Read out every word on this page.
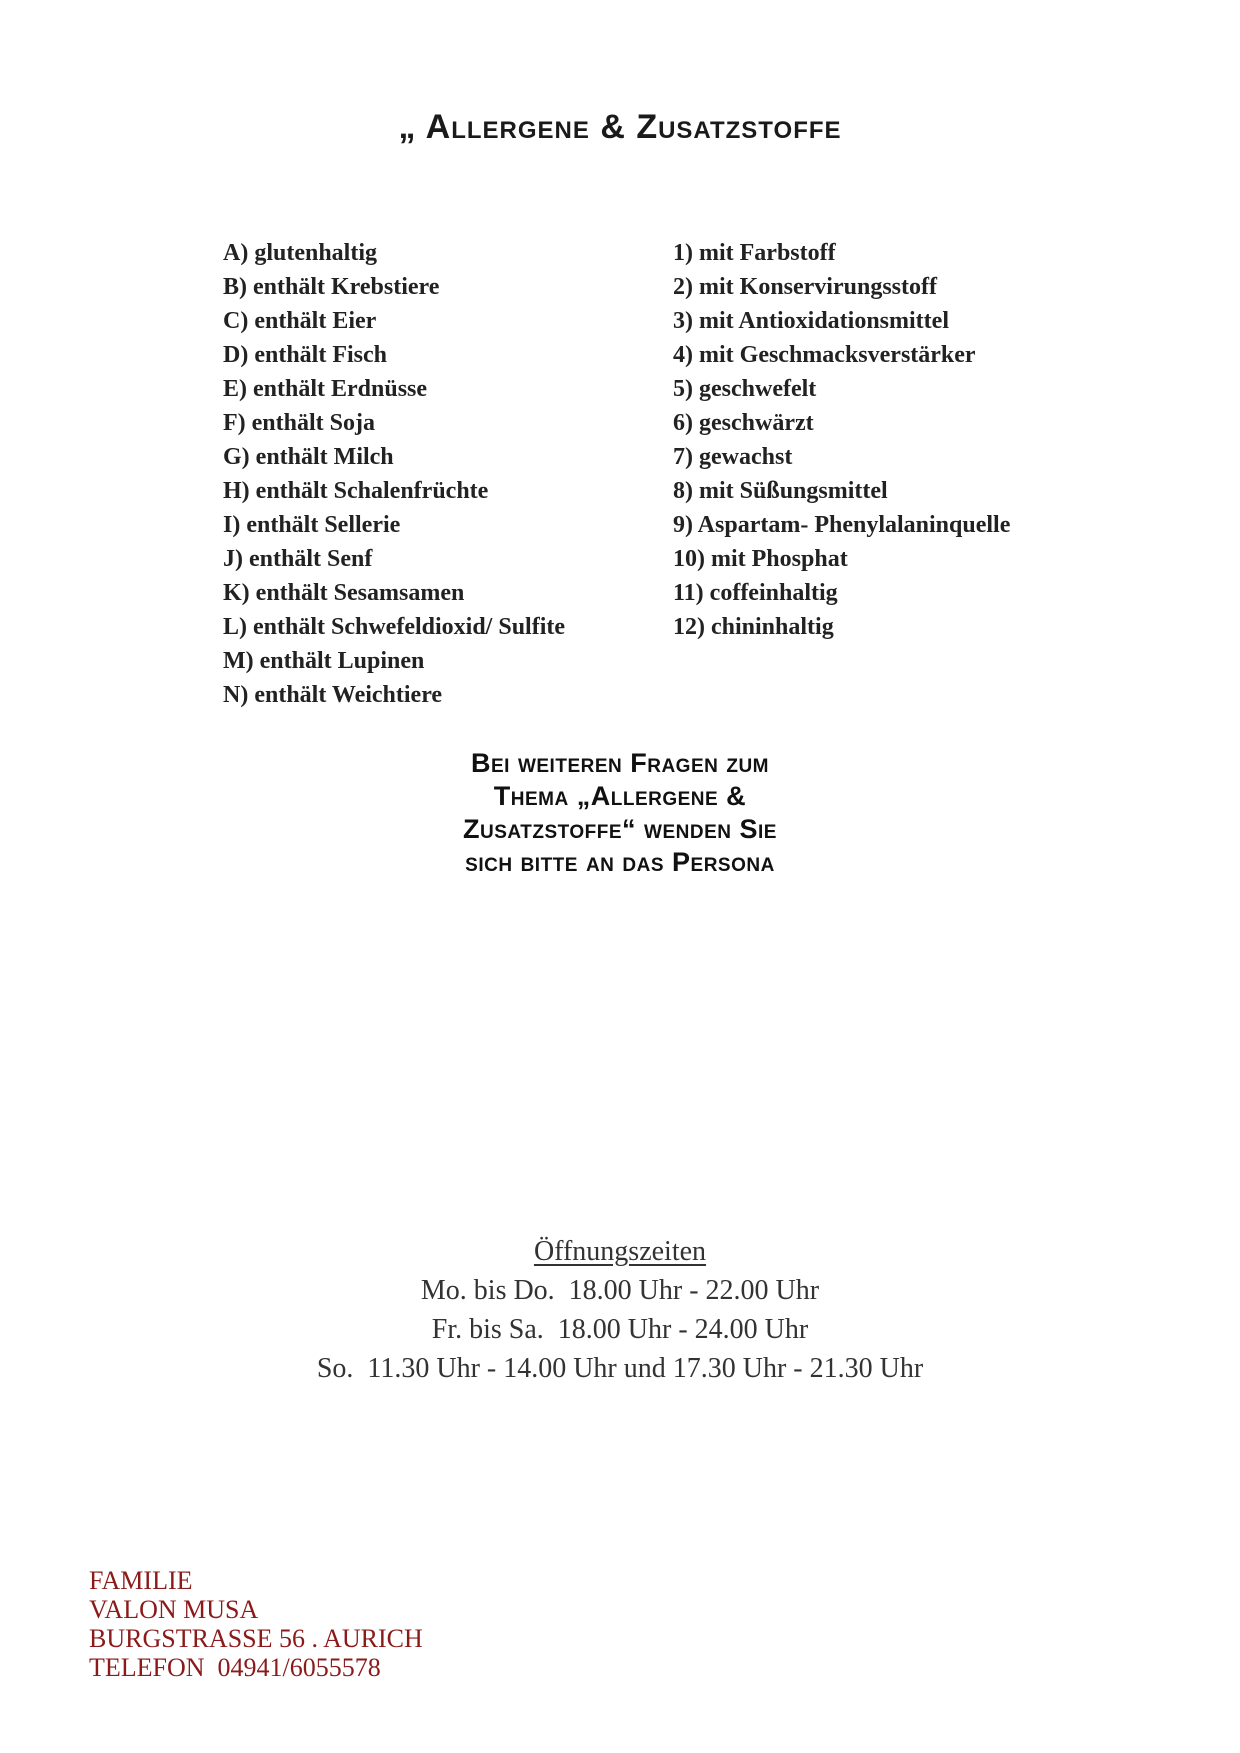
„ Allergene & Zusatzstoffe
A) glutenhaltig
B) enthält Krebstiere
C) enthält Eier
D) enthält Fisch
E) enthält Erdnüsse
F) enthält Soja
G) enthält Milch
H) enthält Schalenfrüchte
I) enthält Sellerie
J) enthält Senf
K) enthält Sesamsamen
L) enthält Schwefeldioxid/ Sulfite
M) enthält Lupinen
N) enthält Weichtiere
1) mit Farbstoff
2) mit Konservirungsstoff
3) mit Antioxidationsmittel
4) mit Geschmacksverstärker
5) geschwefelt
6) geschwärzt
7) gewachst
8) mit Süßungsmittel
9) Aspartam- Phenylalaninquelle
10) mit Phosphat
11) coffeinhaltig
12) chininhaltig
Bei weiteren Fragen zum
Thema „Allergene &
Zusatzstoffe“ wenden Sie
sich bitte an das Persona
Öffnungszeiten
Mo. bis Do.  18.00 Uhr - 22.00 Uhr
Fr. bis Sa.  18.00 Uhr - 24.00 Uhr
So.  11.30 Uhr - 14.00 Uhr und 17.30 Uhr - 21.30 Uhr
FAMILIE
VALON MUSA
BURGSTRASSE 56 . AURICH
TELEFON  04941/6055578
